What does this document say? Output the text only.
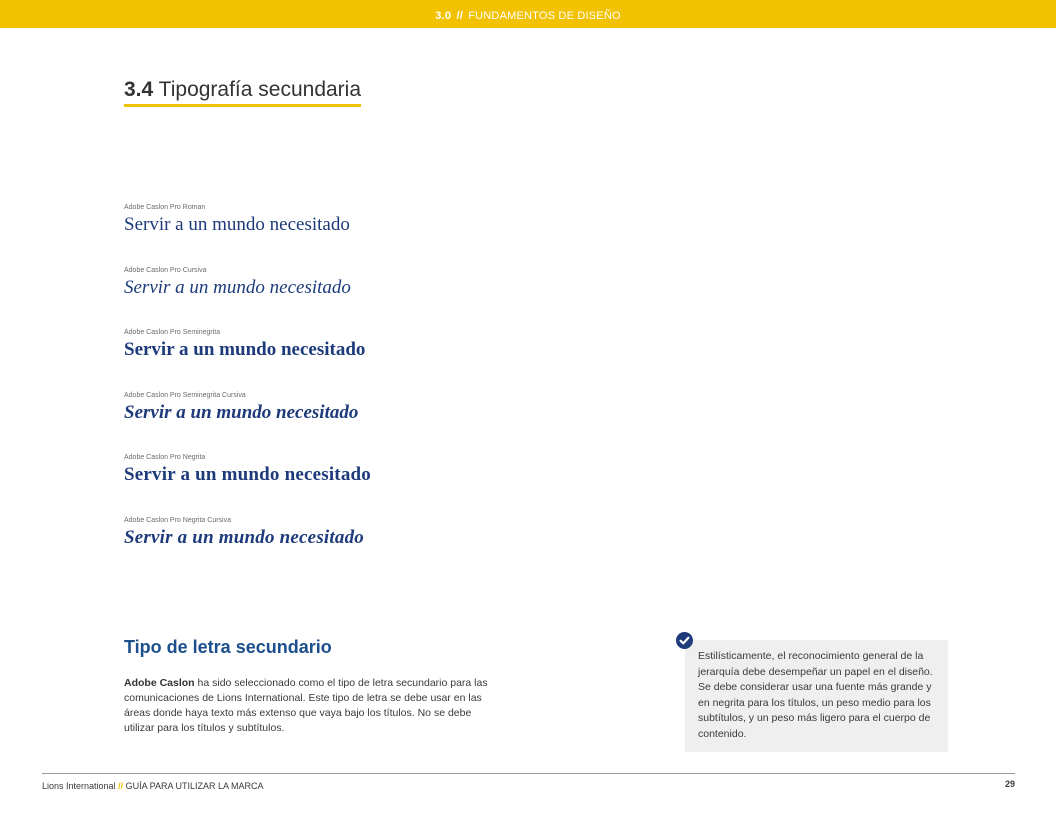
3.0 // FUNDAMENTOS DE DISEÑO
3.4 Tipografía secundaria
Adobe Caslon Pro Roman
Servir a un mundo necesitado
Adobe Caslon Pro Cursiva
Servir a un mundo necesitado
Adobe Caslon Pro Seminegrita
Servir a un mundo necesitado
Adobe Caslon Pro Seminegrita Cursiva
Servir a un mundo necesitado
Adobe Caslon Pro Negrita
Servir a un mundo necesitado
Adobe Caslon Pro Negrita Cursiva
Servir a un mundo necesitado
Tipo de letra secundario
Adobe Caslon ha sido seleccionado como el tipo de letra secundario para las comunicaciones de Lions International. Este tipo de letra se debe usar en las áreas donde haya texto más extenso que vaya bajo los títulos. No se debe utilizar para los títulos y subtítulos.
Estilísticamente, el reconocimiento general de la jerarquía debe desempeñar un papel en el diseño. Se debe considerar usar una fuente más grande y en negrita para los títulos, un peso medio para los subtítulos, y un peso más ligero para el cuerpo de contenido.
Lions International // GUÍA PARA UTILIZAR LA MARCA	29
